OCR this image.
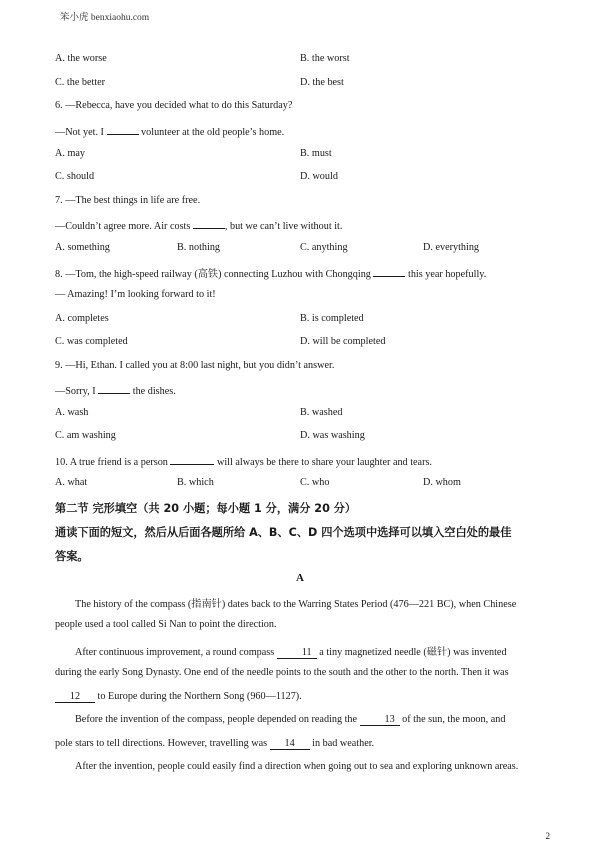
笨小虎 benxiaohu.com
A. the worse	B. the worst
C. the better	D. the best
6. —Rebecca, have you decided what to do this Saturday?
—Not yet. I	volunteer at the old people’s home.
A. may	B. must
C. should	D. would
7. —The best things in life are free.
—Couldn’t agree more. Air costs	, but we can’t live without it.
A. something	B. nothing	C. anything	D. everything
8. —Tom, the high-speed railway (高铁) connecting Luzhou with Chongqing	this year hopefully.
— Amazing! I’m looking forward to it!
A. completes	B. is completed
C. was completed	D. will be completed
9. —Hi, Ethan. I called you at 8:00 last night, but you didn’t answer.
—Sorry, I	the dishes.
A. wash	B. washed
C. am washing	D. was washing
10. A true friend is a person	will always be there to share your laughter and tears.
A. what	B. which	C. who	D. whom
第二节 完形填空（共 20 小题；每小题 1 分，满分 20 分）
通读下面的短文，然后从后面各题所给 A、B、C、D 四个选项中选择可以填入空白处的最佳
答案。
A
The history of the compass (指南针) dates back to the Warring States Period (476—221 BC), when Chinese
people used a tool called Si Nan to point the direction.
After continuous improvement, a round compass	11 a tiny magnetized needle (磁针) was invented
during the early Song Dynasty. One end of the needle points to the south and the other to the north. Then it was
12 to Europe during the Northern Song (960—1127).
Before the invention of the compass, people depended on reading the	13 of the sun, the moon, and
pole stars to tell directions. However, travelling was 14 in bad weather.
After the invention, people could easily find a direction when going out to sea and exploring unknown areas.
2
